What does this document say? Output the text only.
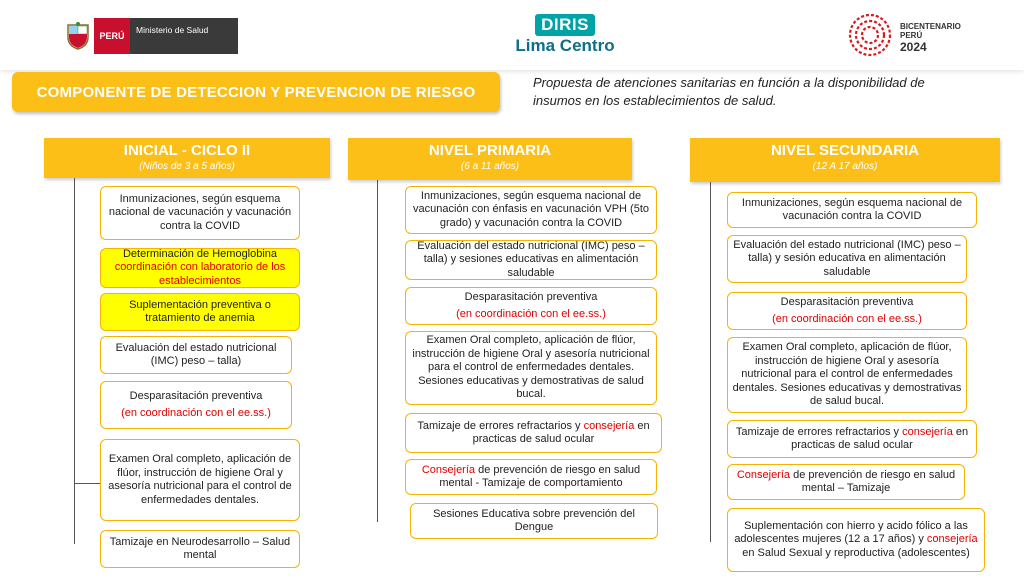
PERÚ
Ministerio de Salud	DIRIS
Lima Centro
BICENTENARIO
PERÚ
2024
COMPONENTE DE DETECCION Y PREVENCION DE RIESGO
Propuesta de atenciones sanitarias en función a la disponibilidad de insumos en los establecimientos de salud.
INICIAL - CICLO II
(Niños de 3 a 5 años)
Inmunizaciones, según esquema nacional de vacunación y vacunación contra la COVID
Determinación de Hemoglobina
coordinación con laboratorio de los establecimientos
Suplementación preventiva o tratamiento de anemia
Evaluación del estado nutricional (IMC) peso – talla)
Desparasitación preventiva
(en coordinación con el ee.ss.)
Examen Oral completo, aplicación de flúor, instrucción de higiene Oral y asesoría nutricional para el control de enfermedades dentales.
Tamizaje en Neurodesarrollo – Salud mental
NIVEL PRIMARIA
(6 a 11 años)
Inmunizaciones, según esquema nacional de vacunación con énfasis en vacunación VPH (5to grado) y vacunación contra la COVID
Evaluación del estado nutricional (IMC) peso – talla) y sesiones educativas en alimentación saludable
Desparasitación preventiva
(en coordinación con el ee.ss.)
Examen Oral completo, aplicación de flúor, instrucción de higiene Oral y asesoría nutricional para el control de enfermedades dentales. Sesiones educativas y demostrativas de salud bucal.
Tamizaje de errores refractarios y consejería en practicas de salud ocular
Consejería de prevención de riesgo en salud mental - Tamizaje de comportamiento
Sesiones Educativa sobre prevención del Dengue
NIVEL SECUNDARIA
(12 A 17 años)
Inmunizaciones, según esquema nacional de vacunación contra la COVID
Evaluación del estado nutricional (IMC) peso – talla) y sesión educativa en alimentación saludable
Desparasitación preventiva
(en coordinación con el ee.ss.)
Examen Oral completo, aplicación de flúor, instrucción de higiene Oral y asesoría nutricional para el control de enfermedades dentales. Sesiones educativas y demostrativas de salud bucal.
Tamizaje de errores refractarios y consejería en practicas de salud ocular
Consejería de prevención de riesgo en salud mental – Tamizaje
Suplementación con hierro y acido fólico a las adolescentes mujeres (12 a 17 años) y consejería en Salud Sexual y reproductiva (adolescentes)
